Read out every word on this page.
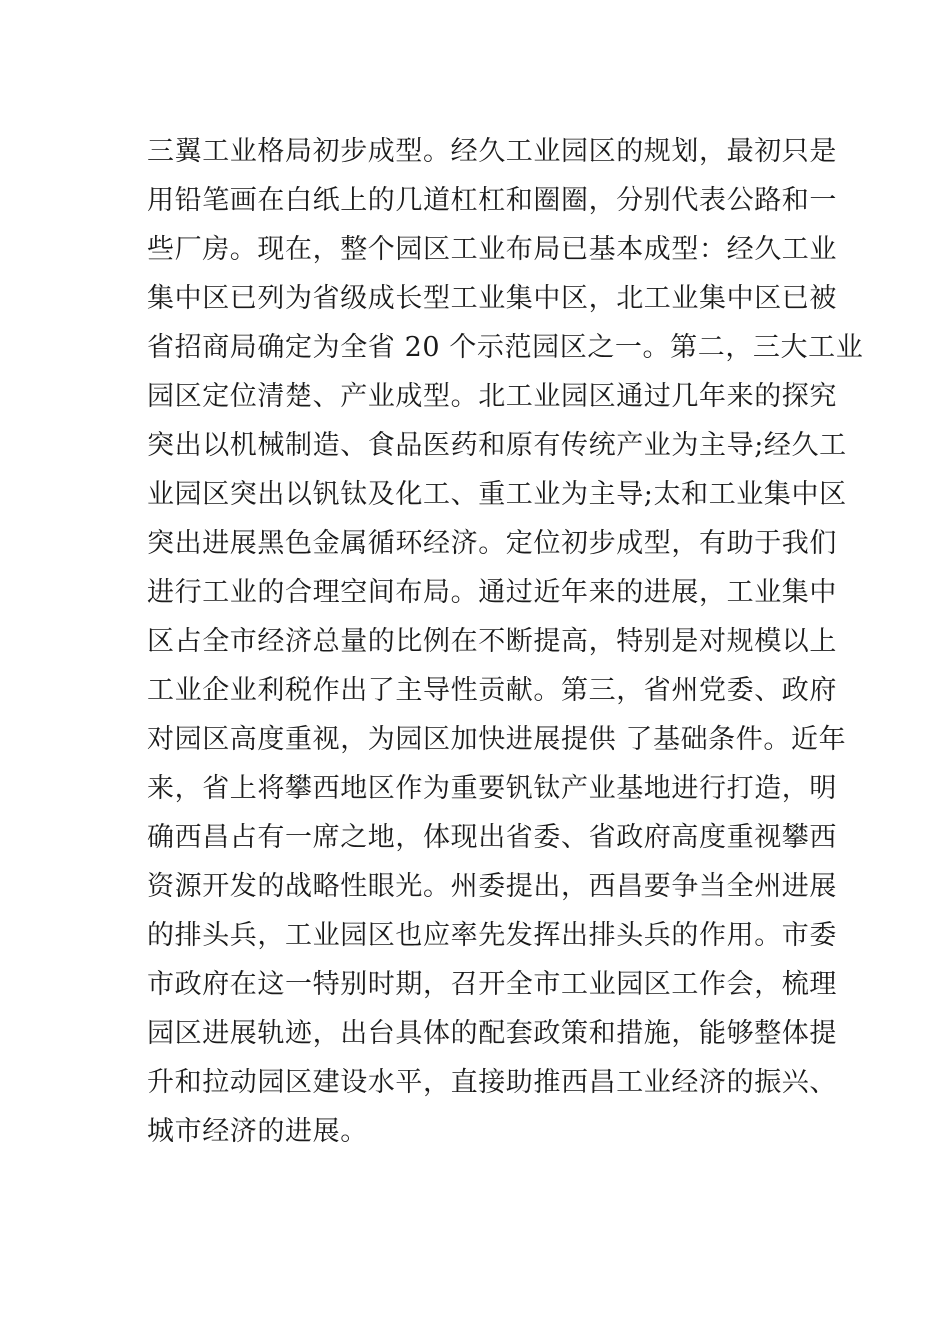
三翼工业格局初步成型。经久工业园区的规划，最初只是
用铅笔画在白纸上的几道杠杠和圈圈，分别代表公路和一
些厂房。现在，整个园区工业布局已基本成型：经久工业
集中区已列为省级成长型工业集中区，北工业集中区已被
省招商局确定为全省 20 个示范园区之一。第二，三大工业
园区定位清楚、产业成型。北工业园区通过几年来的探究
突出以机械制造、食品医药和原有传统产业为主导;经久工
业园区突出以钒钛及化工、重工业为主导;太和工业集中区
突出进展黑色金属循环经济。定位初步成型，有助于我们
进行工业的合理空间布局。通过近年来的进展，工业集中
区占全市经济总量的比例在不断提高，特别是对规模以上
工业企业利税作出了主导性贡献。第三，省州党委、政府
对园区高度重视，为园区加快进展提供 了基础条件。近年
来，省上将攀西地区作为重要钒钛产业基地进行打造，明
确西昌占有一席之地，体现出省委、省政府高度重视攀西
资源开发的战略性眼光。州委提出，西昌要争当全州进展
的排头兵，工业园区也应率先发挥出排头兵的作用。市委
市政府在这一特别时期，召开全市工业园区工作会，梳理
园区进展轨迹，出台具体的配套政策和措施，能够整体提
升和拉动园区建设水平，直接助推西昌工业经济的振兴、
城市经济的进展。
